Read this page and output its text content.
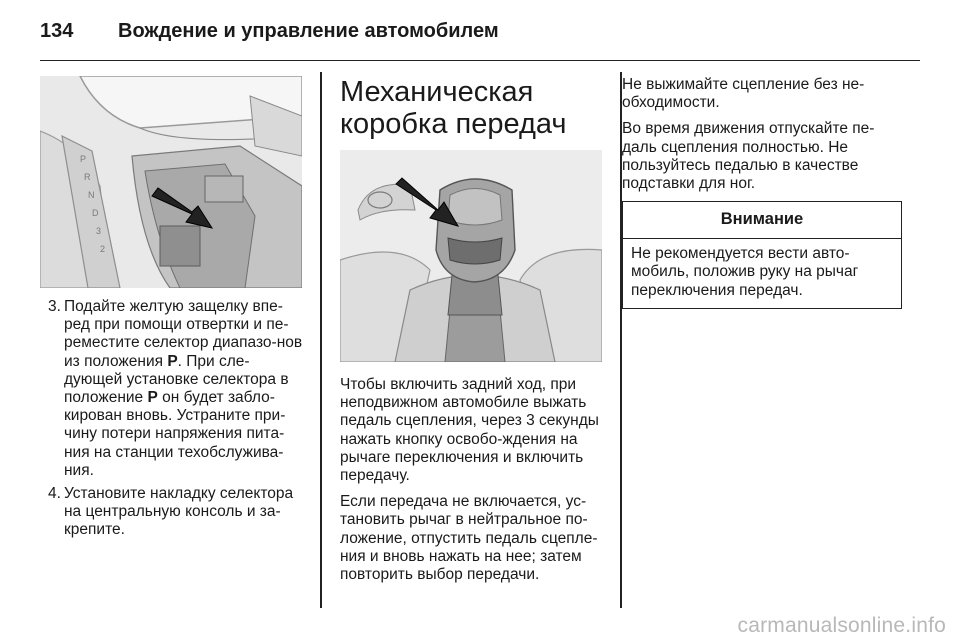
134 Вождение и управление автомобилем
P
R
N
D
3
2
3. Подайте желтую защелку впе-ред при помощи отвертки и пе-реместите селектор диапазо-нов из положения P. При сле-дующей установке селектора в положение P он будет забло-кирован вновь. Устраните при-чину потери напряжения пита-ния на станции техобслужива-ния.

4. Установите накладку селектора на центральную консоль и за-крепите.

Механическая
коробка передач

Чтобы включить задний ход, при неподвижном автомобиле выжать педаль сцепления, через 3 секунды нажать кнопку освобо-ждения на рычаге переключения и включить передачу.

Если передача не включается, ус-тановить рычаг в нейтральное по-ложение, отпустить педаль сцепле-ния и вновь нажать на нее; затем повторить выбор передачи.

Не выжимайте сцепление без не-обходимости.

Во время движения отпускайте пе-даль сцепления полностью. Не пользуйтесь педалью в качестве подставки для ног.

Внимание
Не рекомендуется вести авто-мобиль, положив руку на рычаг переключения передач.
carmanualsonline.info
